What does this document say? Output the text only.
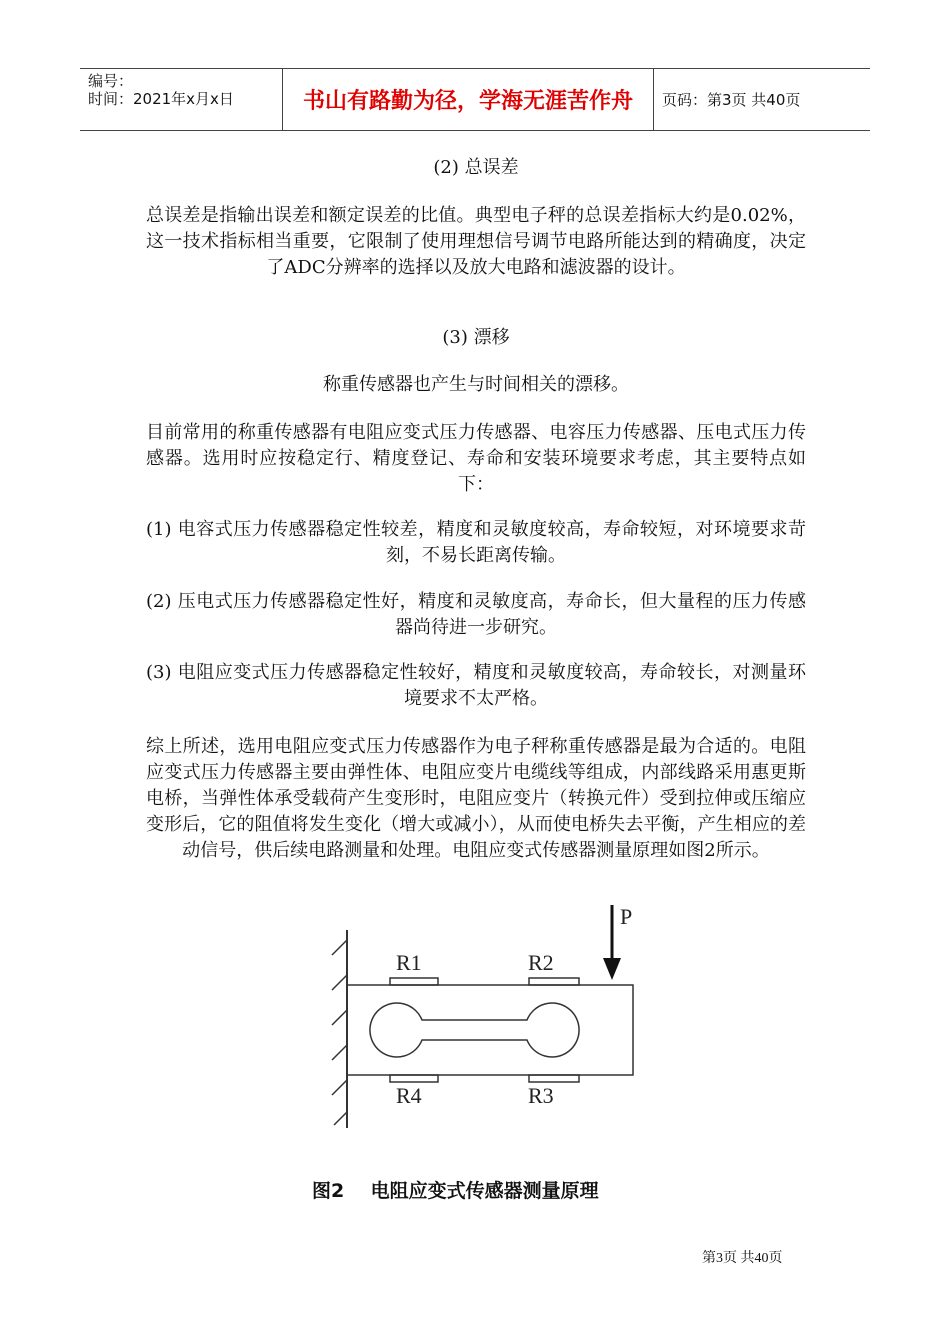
编号：
时间：2021年x月x日	书山有路勤为径，学海无涯苦作舟	页码：第3页 共40页

(2) 总误差

总误差是指输出误差和额定误差的比值。典型电子秤的总误差指标大约是0.02%，这一技术指标相当重要，它限制了使用理想信号调节电路所能达到的精确度，决定了ADC分辨率的选择以及放大电路和滤波器的设计。

(3) 漂移

称重传感器也产生与时间相关的漂移。

目前常用的称重传感器有电阻应变式压力传感器、电容压力传感器、压电式压力传感器。选用时应按稳定行、精度登记、寿命和安装环境要求考虑，其主要特点如下：

(1) 电容式压力传感器稳定性较差，精度和灵敏度较高，寿命较短，对环境要求苛刻，不易长距离传输。

(2) 压电式压力传感器稳定性好，精度和灵敏度高，寿命长，但大量程的压力传感器尚待进一步研究。

(3) 电阻应变式压力传感器稳定性较好，精度和灵敏度较高，寿命较长，对测量环境要求不太严格。

综上所述，选用电阻应变式压力传感器作为电子秤称重传感器是最为合适的。电阻应变式压力传感器主要由弹性体、电阻应变片电缆线等组成，内部线路采用惠更斯电桥，当弹性体承受载荷产生变形时，电阻应变片（转换元件）受到拉伸或压缩应变形后，它的阻值将发生变化（增大或减小），从而使电桥失去平衡，产生相应的差动信号，供后续电路测量和处理。电阻应变式传感器测量原理如图2所示。

P
R1	R2
R4	R3
图2    电阻应变式传感器测量原理
第3页 共40页
